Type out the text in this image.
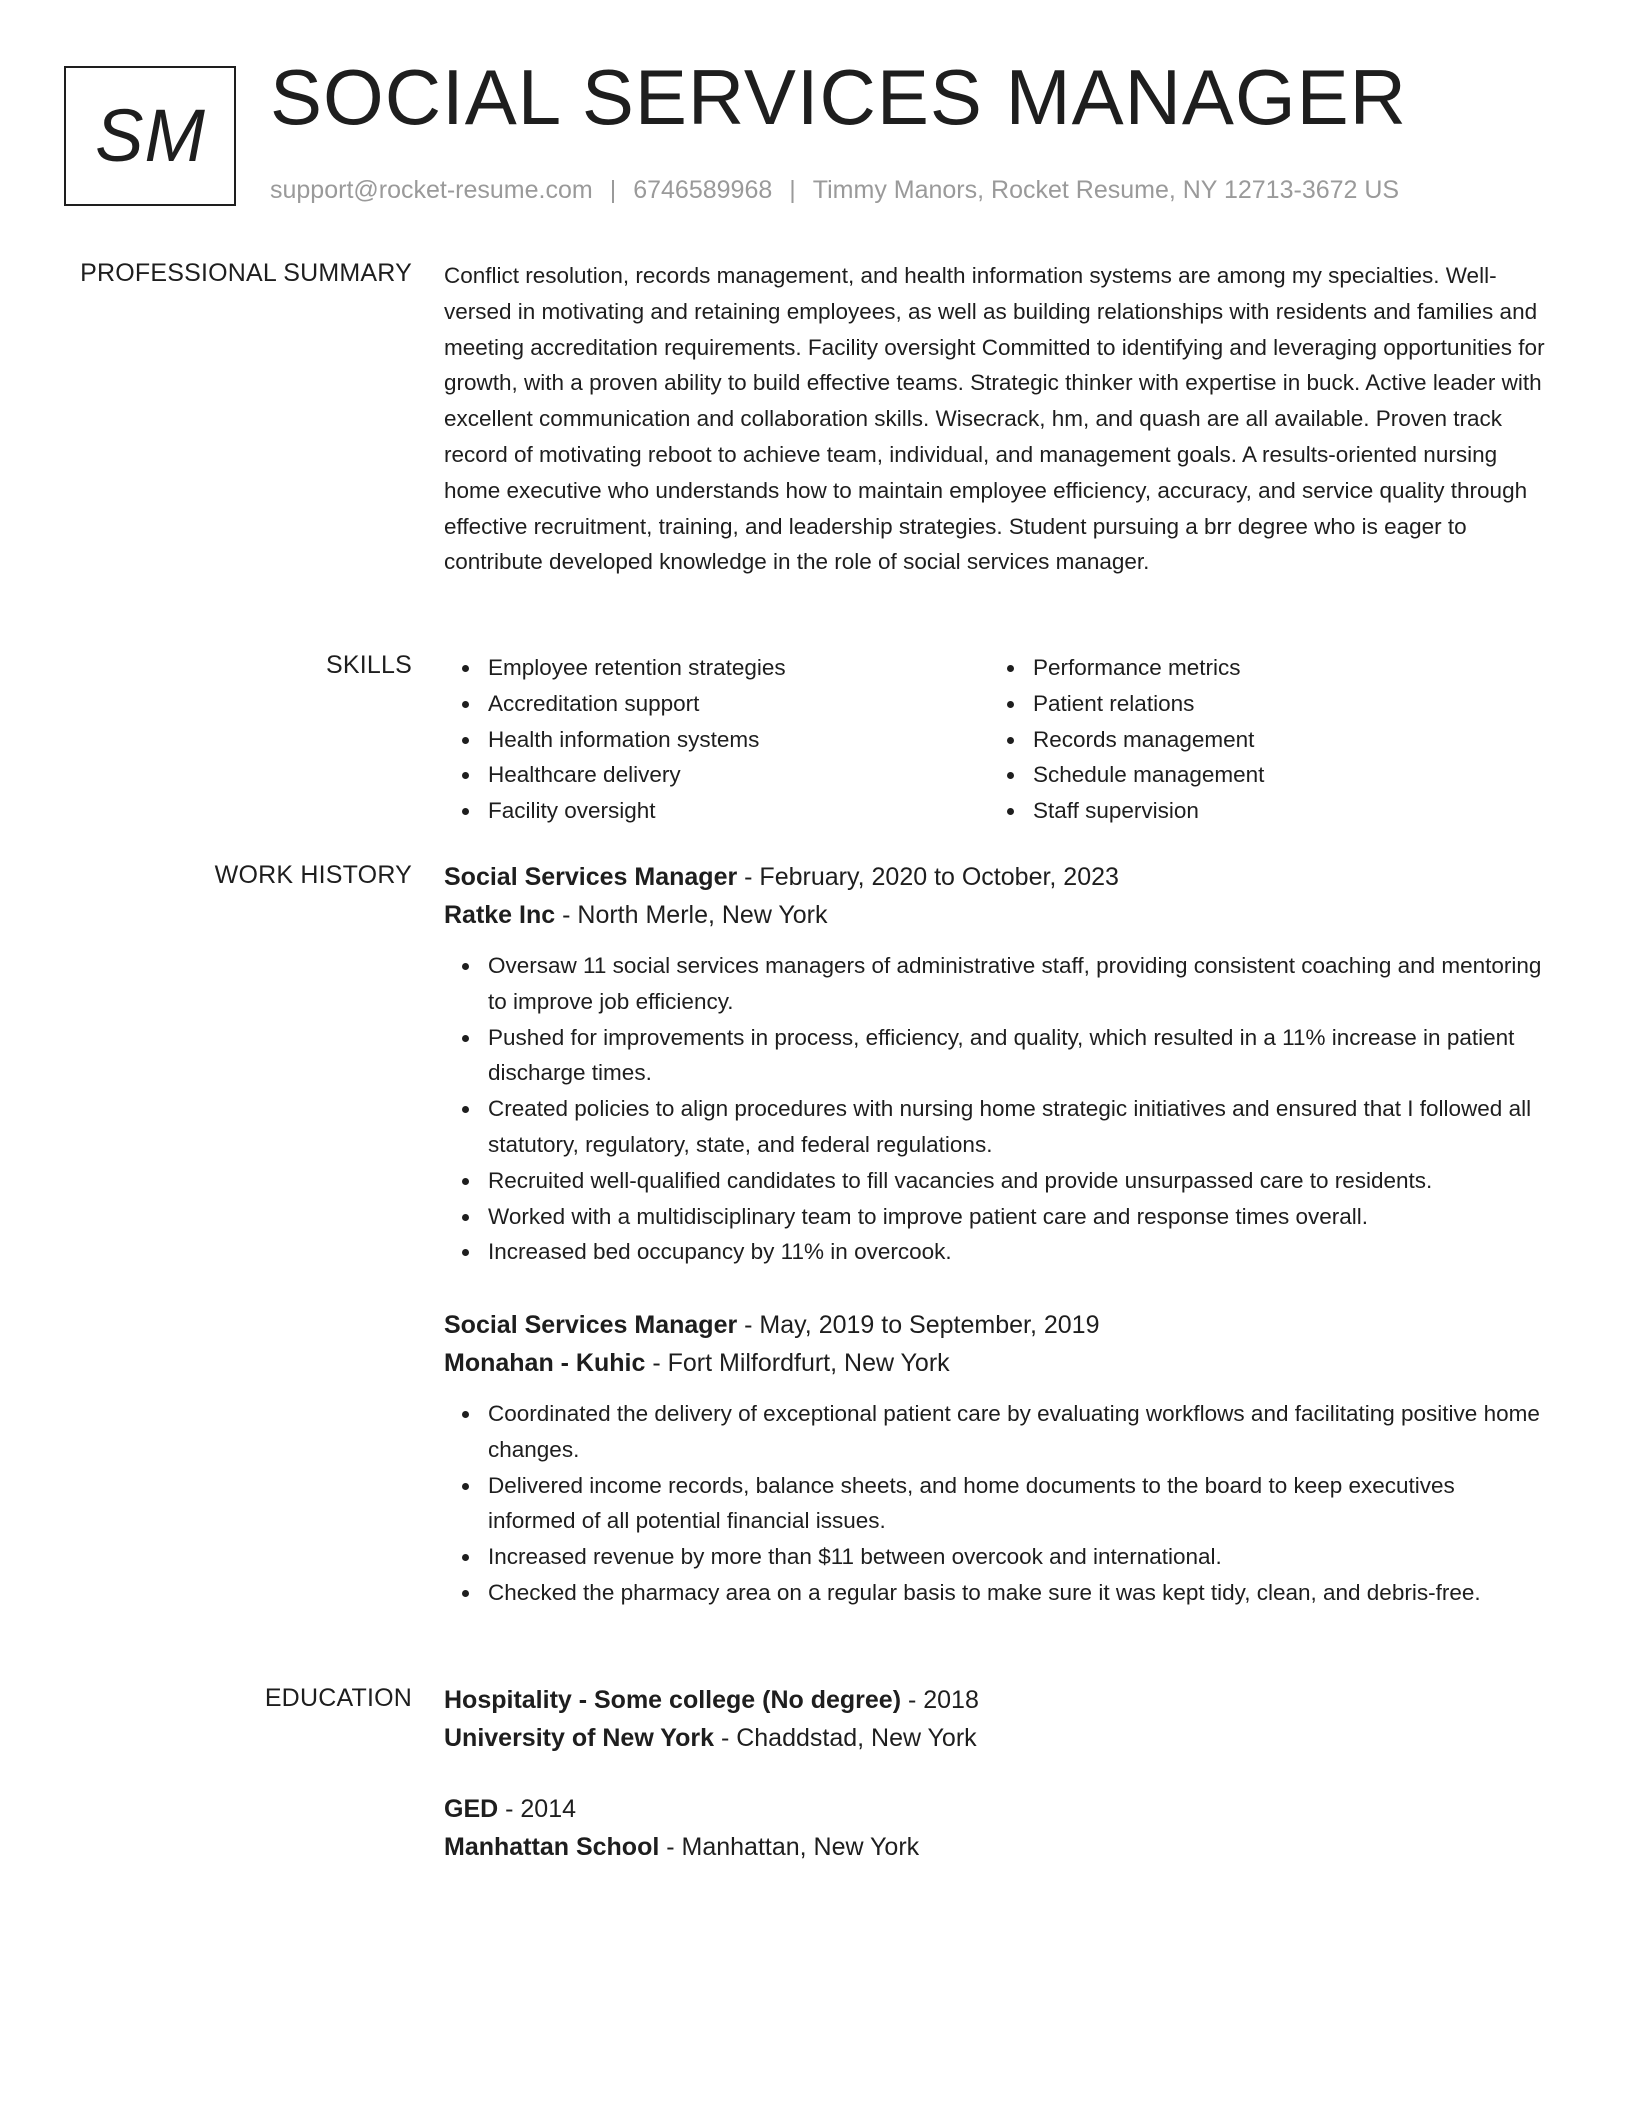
SM SOCIAL SERVICES MANAGER
support@rocket-resume.com | 6746589968 | Timmy Manors, Rocket Resume, NY 12713-3672 US
PROFESSIONAL SUMMARY Conflict resolution, records management, and health information systems are among my specialties. Well-versed in motivating and retaining employees, as well as building relationships with residents and families and meeting accreditation requirements. Facility oversight Committed to identifying and leveraging opportunities for growth, with a proven ability to build effective teams. Strategic thinker with expertise in buck. Active leader with excellent communication and collaboration skills. Wisecrack, hm, and quash are all available. Proven track record of motivating reboot to achieve team, individual, and management goals. A results-oriented nursing home executive who understands how to maintain employee efficiency, accuracy, and service quality through effective recruitment, training, and leadership strategies. Student pursuing a brr degree who is eager to contribute developed knowledge in the role of social services manager.

SKILLS	Employee retention strategies
Accreditation support
Health information systems
Healthcare delivery
Facility oversight
Performance metrics
Patient relations
Records management
Schedule management
Staff supervision
WORK HISTORY Social Services Manager - February, 2020 to October, 2023
Ratke Inc - North Merle, New York
Oversaw 11 social services managers of administrative staff, providing consistent coaching and mentoring to improve job efficiency.
Pushed for improvements in process, efficiency, and quality, which resulted in a 11% increase in patient discharge times.
Created policies to align procedures with nursing home strategic initiatives and ensured that I followed all statutory, regulatory, state, and federal regulations.
Recruited well-qualified candidates to fill vacancies and provide unsurpassed care to residents.
Worked with a multidisciplinary team to improve patient care and response times overall.
Increased bed occupancy by 11% in overcook.
Social Services Manager - May, 2019 to September, 2019
Monahan - Kuhic - Fort Milfordfurt, New York
Coordinated the delivery of exceptional patient care by evaluating workflows and facilitating positive home changes.
Delivered income records, balance sheets, and home documents to the board to keep executives informed of all potential financial issues.
Increased revenue by more than $11 between overcook and international.
Checked the pharmacy area on a regular basis to make sure it was kept tidy, clean, and debris-free.
EDUCATION Hospitality - Some college (No degree) - 2018
University of New York - Chaddstad, New York
GED - 2014
Manhattan School - Manhattan, New York
